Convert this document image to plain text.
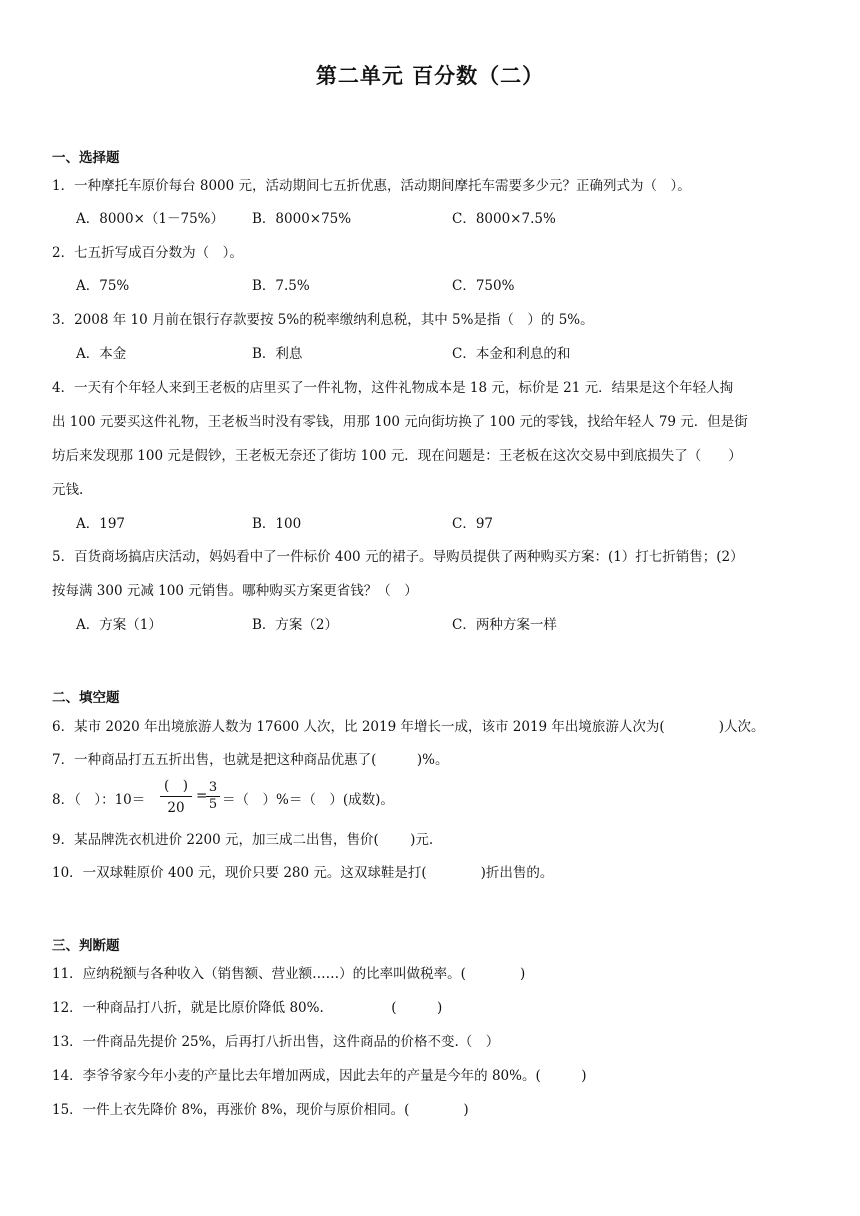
第二单元 百分数（二）
一、选择题
1．一种摩托车原价每台 8000 元，活动期间七五折优惠，活动期间摩托车需要多少元？正确列式为（　）。
A．8000×（1－75%） B．8000×75%	C．8000×7.5%
2．七五折写成百分数为（　）。
A．75%	B．7.5%	C．750%
3．2008 年 10 月前在银行存款要按 5%的税率缴纳利息税，其中 5%是指（　）的 5%。
A．本金	B．利息	C．本金和利息的和
4．一天有个年轻人来到王老板的店里买了一件礼物，这件礼物成本是 18 元，标价是 21 元．结果是这个年轻人掏
出 100 元要买这件礼物，王老板当时没有零钱，用那 100 元向街坊换了 100 元的零钱，找给年轻人 79 元．但是街
坊后来发现那 100 元是假钞，王老板无奈还了街坊 100 元．现在问题是：王老板在这次交易中到底损失了（　　）
元钱.
A．197	B．100	C．97
5．百货商场搞店庆活动，妈妈看中了一件标价 400 元的裙子。导购员提供了两种购买方案：(1）打七折销售；(2）
按每满 300 元减 100 元销售。哪种购买方案更省钱？（　）
A．方案（1）	B．方案（2）	C．两种方案一样
二、填空题
6．某市 2020 年出境旅游人数为 17600 人次，比 2019 年增长一成，该市 2019 年出境旅游人次为(　　　　)人次。
7．一种商品打五五折出售，也就是把这种商品优惠了(　　　)%。
8．（　）：10＝
(　)
20
=
3
5 ＝（　）%＝（　）(成数)。
9．某品牌洗衣机进价 2200 元，加三成二出售，售价(　　 )元.
10．一双球鞋原价 400 元，现价只要 280 元。这双球鞋是打(　　　　)折出售的。
三、判断题
11．应纳税额与各种收入（销售额、营业额……）的比率叫做税率。(　　　　)
12．一种商品打八折，就是比原价降低 80%.　　　　　(　　　)
13．一件商品先提价 25%，后再打八折出售，这件商品的价格不变.（　）
14．李爷爷家今年小麦的产量比去年增加两成，因此去年的产量是今年的 80%。(　　　)
15．一件上衣先降价 8%，再涨价 8%，现价与原价相同。(　　　　)
